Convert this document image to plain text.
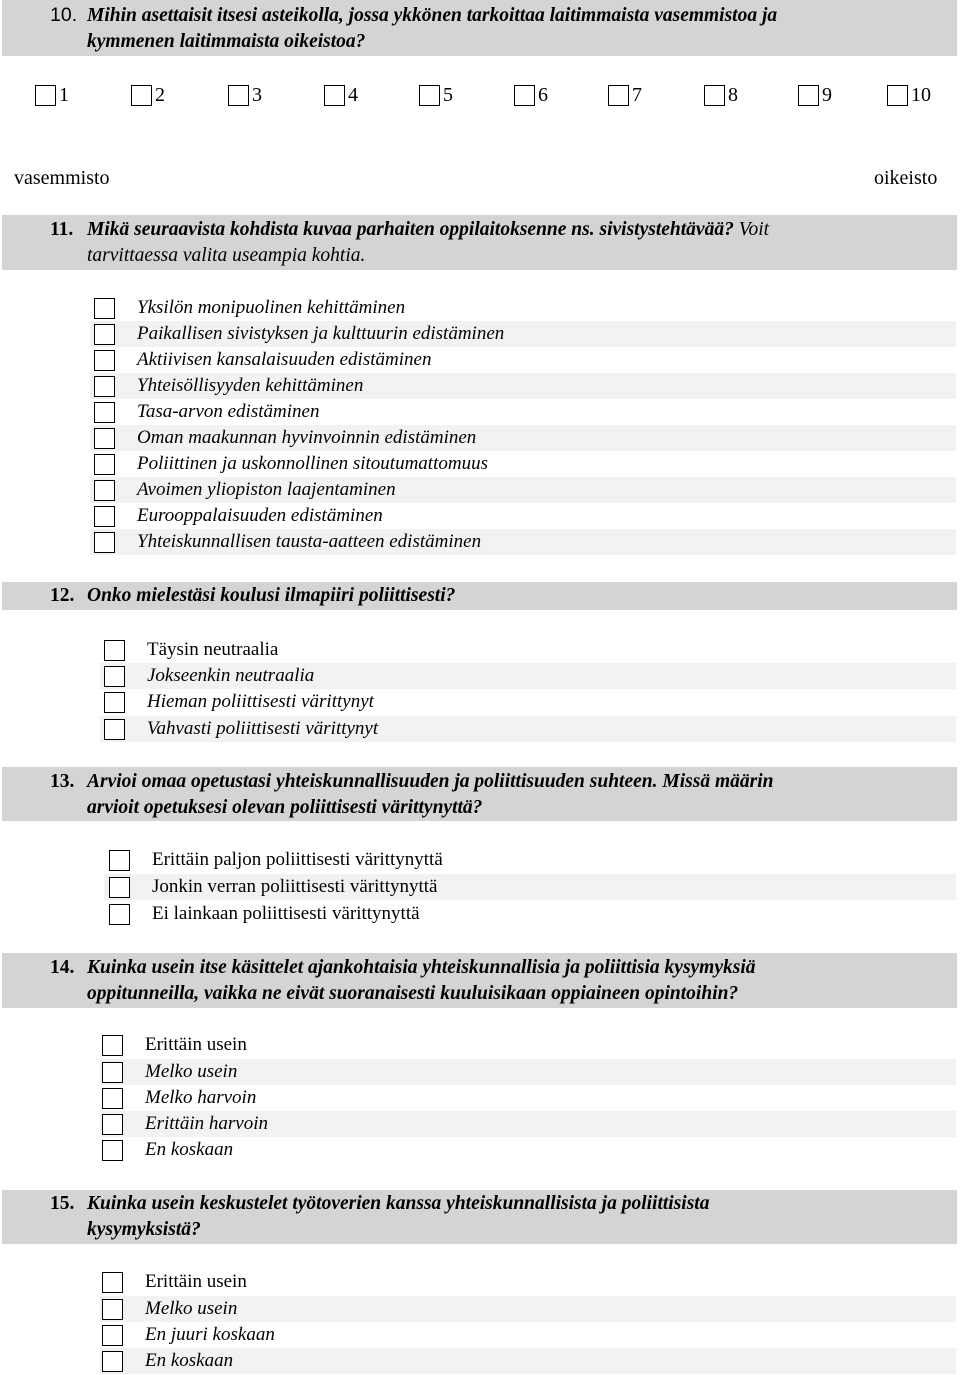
10. Mihin asettaisit itsesi asteikolla, jossa ykkönen tarkoittaa laitimmaista vasemmistoa ja
kymmenen laitimmaista oikeistoa?
1	2	3	4	5	6	7	8	9	10
vasemmisto	oikeisto
11. Mikä seuraavista kohdista kuvaa parhaiten oppilaitoksenne ns. sivistystehtävää? Voit
tarvittaessa valita useampia kohtia.
Yksilön monipuolinen kehittäminen
Paikallisen sivistyksen ja kulttuurin edistäminen
Aktiivisen kansalaisuuden edistäminen
Yhteisöllisyyden kehittäminen
Tasa-arvon edistäminen
Oman maakunnan hyvinvoinnin edistäminen
Poliittinen ja uskonnollinen sitoutumattomuus
Avoimen yliopiston laajentaminen
Eurooppalaisuuden edistäminen
Yhteiskunnallisen tausta-aatteen edistäminen
12. Onko mielestäsi koulusi ilmapiiri poliittisesti?
Täysin neutraalia
Jokseenkin neutraalia
Hieman poliittisesti värittynyt
Vahvasti poliittisesti värittynyt
13. Arvioi omaa opetustasi yhteiskunnallisuuden ja poliittisuuden suhteen. Missä määrin
arvioit opetuksesi olevan poliittisesti värittynyttä?
Erittäin paljon poliittisesti värittynyttä
Jonkin verran poliittisesti värittynyttä
Ei lainkaan poliittisesti värittynyttä
14. Kuinka usein itse käsittelet ajankohtaisia yhteiskunnallisia ja poliittisia kysymyksiä
oppitunneilla, vaikka ne eivät suoranaisesti kuuluisikaan oppiaineen opintoihin?
Erittäin usein
Melko usein
Melko harvoin
Erittäin harvoin
En koskaan
15. Kuinka usein keskustelet työtoverien kanssa yhteiskunnallisista ja poliittisista
kysymyksistä?
Erittäin usein
Melko usein
En juuri koskaan
En koskaan
